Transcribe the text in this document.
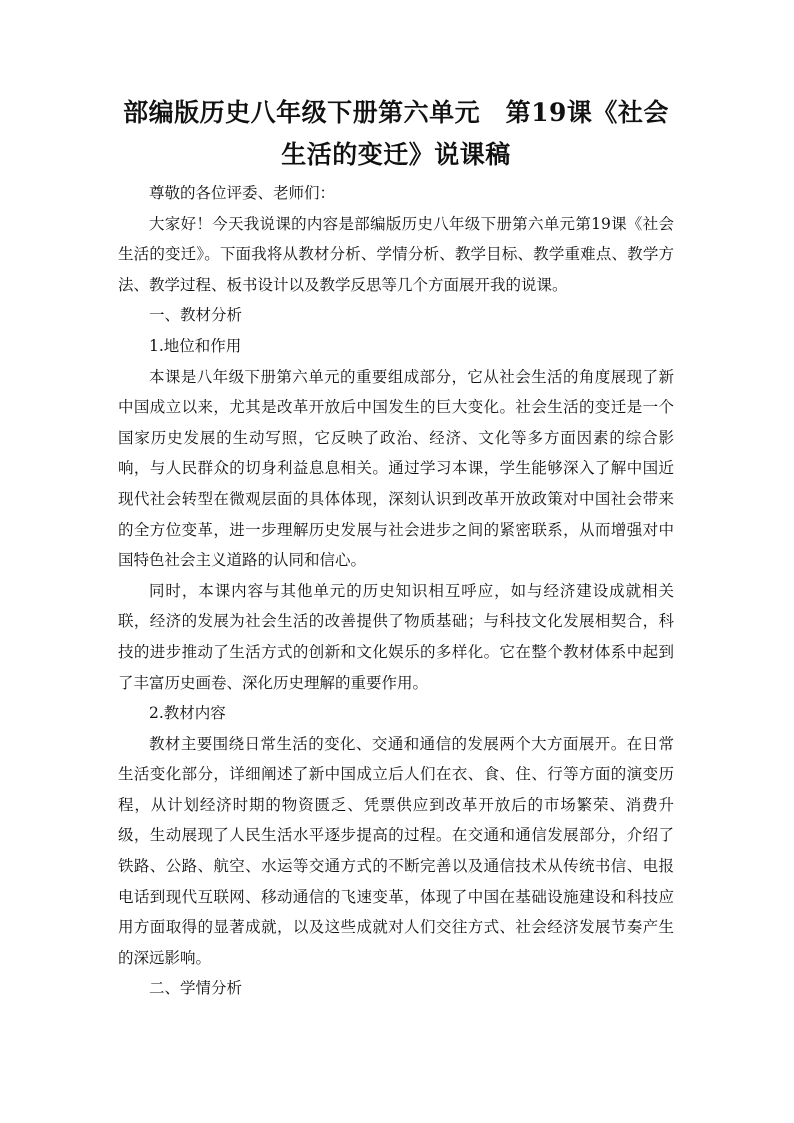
部编版历史八年级下册第六单元　第19课《社会生活的变迁》说课稿

尊敬的各位评委、老师们：

大家好！今天我说课的内容是部编版历史八年级下册第六单元第19课《社会生活的变迁》。下面我将从教材分析、学情分析、教学目标、教学重难点、教学方法、教学过程、板书设计以及教学反思等几个方面展开我的说课。

一、教材分析

1.地位和作用

本课是八年级下册第六单元的重要组成部分，它从社会生活的角度展现了新中国成立以来，尤其是改革开放后中国发生的巨大变化。社会生活的变迁是一个国家历史发展的生动写照，它反映了政治、经济、文化等多方面因素的综合影响，与人民群众的切身利益息息相关。通过学习本课，学生能够深入了解中国近现代社会转型在微观层面的具体体现，深刻认识到改革开放政策对中国社会带来的全方位变革，进一步理解历史发展与社会进步之间的紧密联系，从而增强对中国特色社会主义道路的认同和信心。

同时，本课内容与其他单元的历史知识相互呼应，如与经济建设成就相关联，经济的发展为社会生活的改善提供了物质基础；与科技文化发展相契合，科技的进步推动了生活方式的创新和文化娱乐的多样化。它在整个教材体系中起到了丰富历史画卷、深化历史理解的重要作用。

2.教材内容

教材主要围绕日常生活的变化、交通和通信的发展两个大方面展开。在日常生活变化部分，详细阐述了新中国成立后人们在衣、食、住、行等方面的演变历程，从计划经济时期的物资匮乏、凭票供应到改革开放后的市场繁荣、消费升级，生动展现了人民生活水平逐步提高的过程。在交通和通信发展部分，介绍了铁路、公路、航空、水运等交通方式的不断完善以及通信技术从传统书信、电报电话到现代互联网、移动通信的飞速变革，体现了中国在基础设施建设和科技应用方面取得的显著成就，以及这些成就对人们交往方式、社会经济发展节奏产生的深远影响。

二、学情分析
